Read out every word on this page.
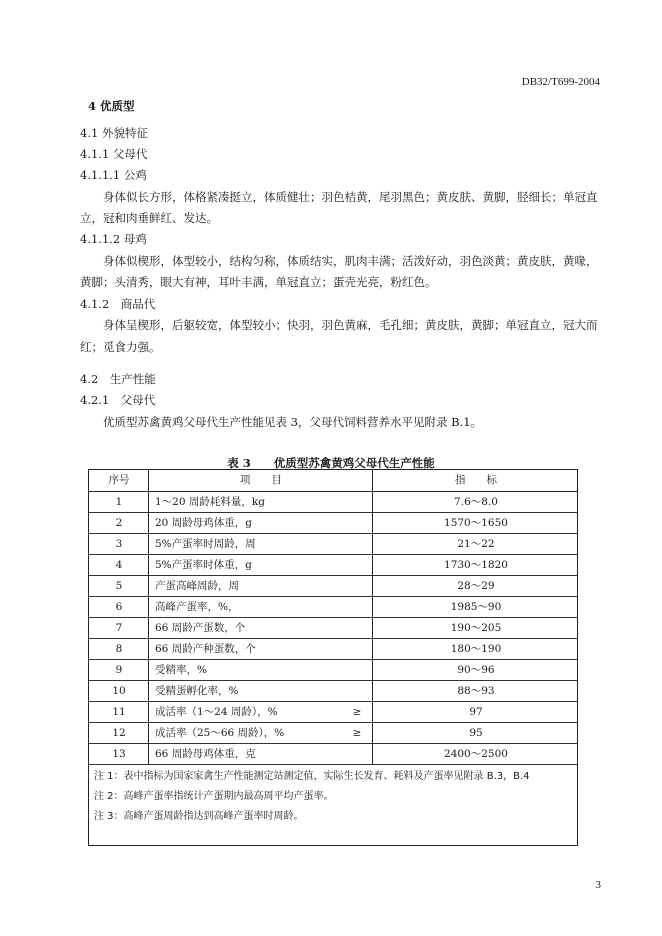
DB32/T699-2004
4 优质型
4.1 外貌特征
4.1.1 父母代
4.1.1.1 公鸡
身体似长方形，体格紧凑挺立，体质健壮；羽色桔黄，尾羽黑色；黄皮肤、黄脚，胫细长；单冠直
立，冠和肉垂鲜红、发达。
4.1.1.2 母鸡
身体似楔形，体型较小，结构匀称，体质结实，肌肉丰满；活泼好动，羽色淡黄；黄皮肤，黄喙，
黄脚；头清秀，眼大有神，耳叶丰满，单冠直立；蛋壳光亮，粉红色。
4.1.2　商品代
身体呈楔形，后躯较宽，体型较小；快羽，羽色黄麻，毛孔细；黄皮肤，黄脚；单冠直立，冠大而
红；觅食力强。
4.2　生产性能
4.2.1　父母代
优质型苏禽黄鸡父母代生产性能见表 3，父母代饲料营养水平见附录 B.1。
表 3　　优质型苏禽黄鸡父母代生产性能
序号	项　　目	指　　标
1	1～20 周龄耗料量，kg	7.6～8.0
2	20 周龄母鸡体重，g	1570～1650
3	5%产蛋率时周龄，周	21～22
4	5%产蛋率时体重，g	1730～1820
5	产蛋高峰周龄，周	28～29
6	高峰产蛋率，%，	1985～90
7	66 周龄产蛋数，个	190～205
8	66 周龄产种蛋数，个	180～190
9	受精率，%	90～96
10	受精蛋孵化率，%	88～93
11	成活率（1～24 周龄），%	≥	97
12	成活率（25～66 周龄），%	≥	95
13	66 周龄母鸡体重，克	2400～2500
注 1：表中指标为国家家禽生产性能测定站测定值，实际生长发育、耗料及产蛋率见附录 B.3，B.4
注 2：高峰产蛋率指统计产蛋期内最高周平均产蛋率。
注 3：高峰产蛋周龄指达到高峰产蛋率时周龄。
3
